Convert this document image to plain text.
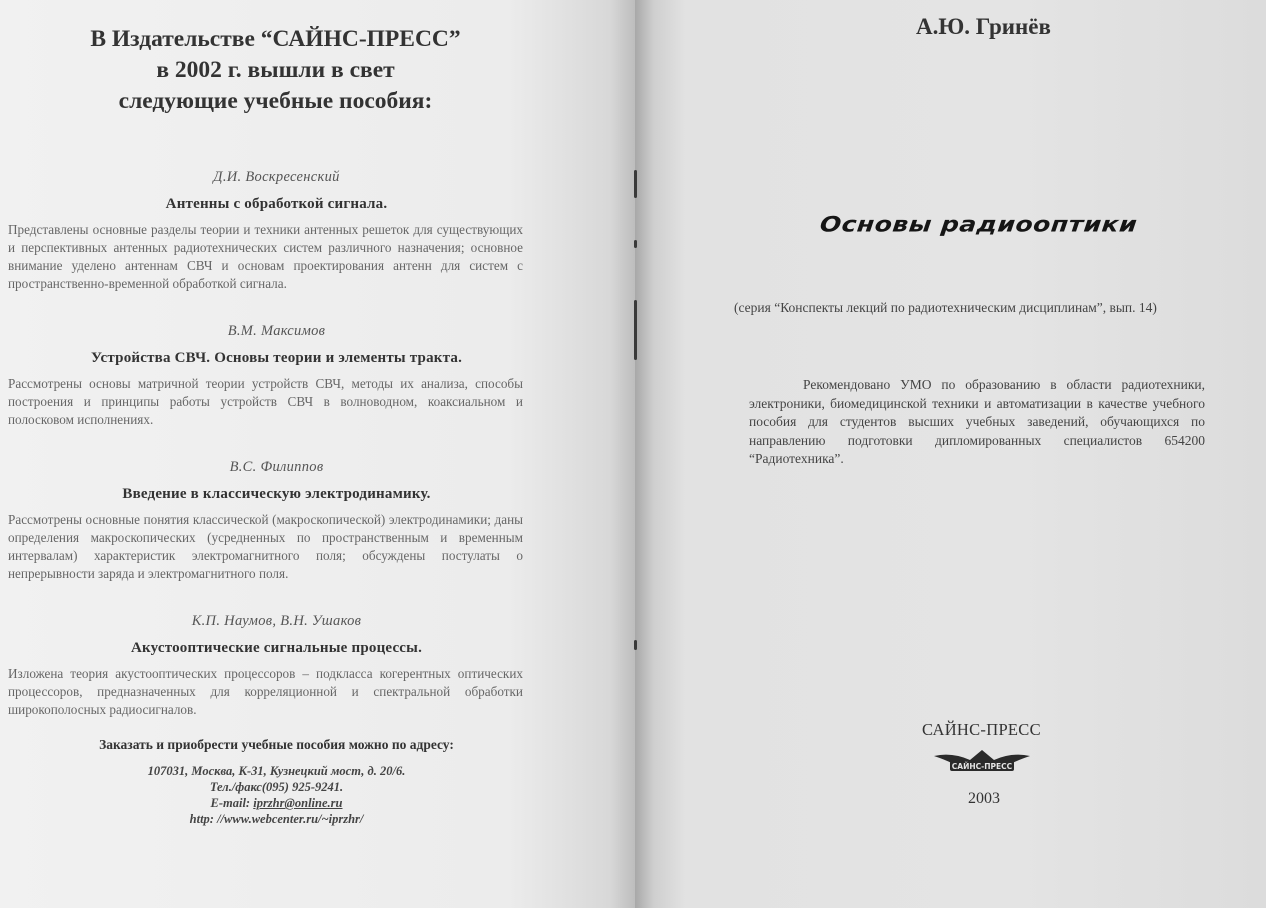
В Издательстве “САЙНС-ПРЕСС”
в 2002 г. вышли в свет
следующие учебные пособия:
Д.И. Воскресенский
Антенны с обработкой сигнала.
Представлены основные разделы теории и техники антенных решеток для существующих и перспективных антенных радиотехнических систем различного назначения; основное внимание уделено антеннам СВЧ и основам проектирования антенн для систем с пространственно-временной обработкой сигнала.
В.М. Максимов
Устройства СВЧ. Основы теории и элементы тракта.
Рассмотрены основы матричной теории устройств СВЧ, методы их анализа, способы построения и принципы работы устройств СВЧ в волноводном, коаксиальном и полосковом исполнениях.
В.С. Филиппов
Введение в классическую электродинамику.
Рассмотрены основные понятия классической (макроскопической) электродинамики; даны определения макроскопических (усредненных по пространственным и временным интервалам) характеристик электромагнитного поля; обсуждены постулаты о непрерывности заряда и электромагнитного поля.
К.П. Наумов, В.Н. Ушаков
Акустооптические сигнальные процессы.
Изложена теория акустооптических процессоров – подкласса когерентных оптических процессоров, предназначенных для корреляционной и спектральной обработки широкополосных радиосигналов.
Заказать и приобрести учебные пособия можно по адресу:
107031, Москва, К-31, Кузнецкий мост, д. 20/6.
Тел./факс(095) 925-9241.
E-mail: iprzhr@online.ru
http: //www.webcenter.ru/~iprzhr/
А.Ю. Гринёв
Основы радиооптики
(серия “Конспекты лекций по радиотехническим дисциплинам”, вып. 14)
Рекомендовано УМО по образованию в области радиотехники, электроники, биомедицинской техники и автоматизации в качестве учебного пособия для студентов высших учебных заведений, обучающихся по направлению подготовки дипломированных специалистов 654200 “Радиотехника”.
САЙНС-ПРЕСС
САЙНС-ПРЕСС
2003
